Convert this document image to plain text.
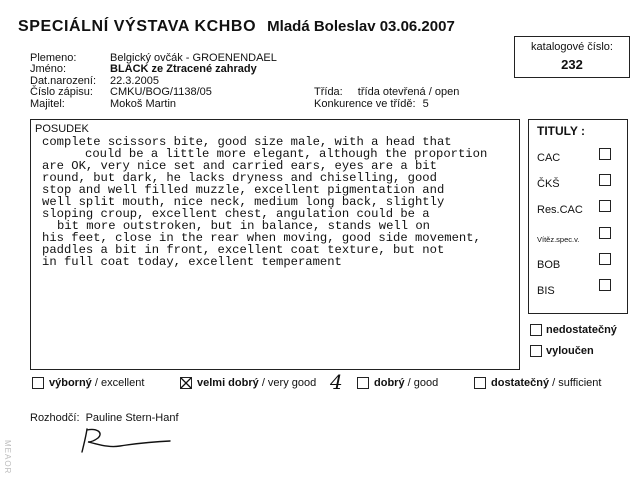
SPECIÁLNÍ VÝSTAVA KCHBO Mladá Boleslav 03.06.2007
katalogové číslo:
232
Plemeno:	Belgický ovčák - GROENENDAEL
Jméno:	BLACK ze Ztracené zahrady
Dat.narození: 22.3.2005
Číslo zápisu: CMKU/BOG/1138/05
Majitel:	Mokoš Martin
Třída: třída otevřená / open
Konkurence ve třídě: 5
POSUDEK
complete scissors bite, good size male, with a head that
could be a little more elegant, although the proportion
are OK, very nice set and carried ears, eyes are a bit
round, but dark, he lacks dryness and chiselling, good
stop and well filled muzzle, excellent pigmentation and
well split mouth, nice neck, medium long back, slightly
sloping croup, excellent chest, angulation could be a
bit more outstroken, but in balance, stands well on
his feet, close in the rear when moving, good side movement,
paddles a bit in front, excellent coat texture, but not
in full coat today, excellent temperament
TITULY :
CAC
ČKŠ
Res.CAC
Vítěz.spec.v.
BOB
BIS
nedostatečný
vyloučen
výborný / excellent	velmi dobrý / very good 4	dobrý / good	dostatečný / sufficient
Rozhodčí: Pauline Stern-Hanf
MEAOR
